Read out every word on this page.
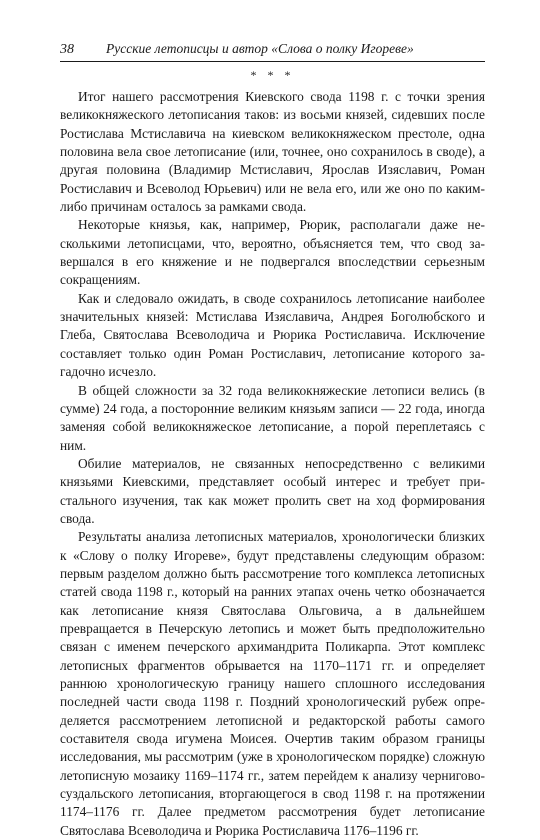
38	Русские летописцы и автор «Слова о полку Игореве»
* * *

Итог нашего рассмотрения Киевского свода 1198 г. с точки зрения великокняжеского летописания таков: из восьми князей, сидевших после Ростислава Мстиславича на киевском великокняжеском престоле, одна половина вела свое летописание (или, точнее, оно сохранилось в своде), а другая половина (Владимир Мстиславич, Ярослав Изяславич, Роман Ростиславич и Всеволод Юрьевич) или не вела его, или же оно по каким-либо причинам осталось за рамками свода.

Некоторые князья, как, например, Рюрик, располагали даже несколькими летописцами, что, вероятно, объясняется тем, что свод завершался в его княжение и не подвергался впоследствии серьезным сокращениям.

Как и следовало ожидать, в своде сохранилось летописание наиболее значительных князей: Мстислава Изяславича, Андрея Боголюбского и Глеба, Святослава Всеволодича и Рюрика Ростиславича. Исключение составляет только один Роман Ростиславич, летописание которого загадочно исчезло.

В общей сложности за 32 года великокняжеские летописи велись (в сумме) 24 года, а посторонние великим князьям записи — 22 года, иногда заменяя собой великокняжеское летописание, а порой переплетаясь с ним.

Обилие материалов, не связанных непосредственно с великими князьями Киевскими, представляет особый интерес и требует пристального изучения, так как может пролить свет на ход формирования свода.

Результаты анализа летописных материалов, хронологически близких к «Слову о полку Игореве», будут представлены следующим образом: первым разделом должно быть рассмотрение того комплекса летописных статей свода 1198 г., который на ранних этапах очень четко обозначается как летописание князя Святослава Ольговича, а в дальнейшем превращается в Печерскую летопись и может быть предположительно связан с именем печерского архимандрита Поликарпа. Этот комплекс летописных фрагментов обрывается на 1170–1171 гг. и определяет раннюю хронологическую границу нашего сплошного исследования последней части свода 1198 г. Поздний хронологический рубеж определяется рассмотрением летописной и редакторской работы самого составителя свода игумена Моисея. Очертив таким образом границы исследования, мы рассмотрим (уже в хронологическом порядке) сложную летописную мозаику 1169–1174 гг., затем перейдем к анализу чернигово-суздальского летописания, вторгающегося в свод 1198 г. на протяжении 1174–1176 гг. Далее предметом рассмотрения будет летописание Святослава Всеволодича и Рюрика Ростиславича 1176–1196 гг.
